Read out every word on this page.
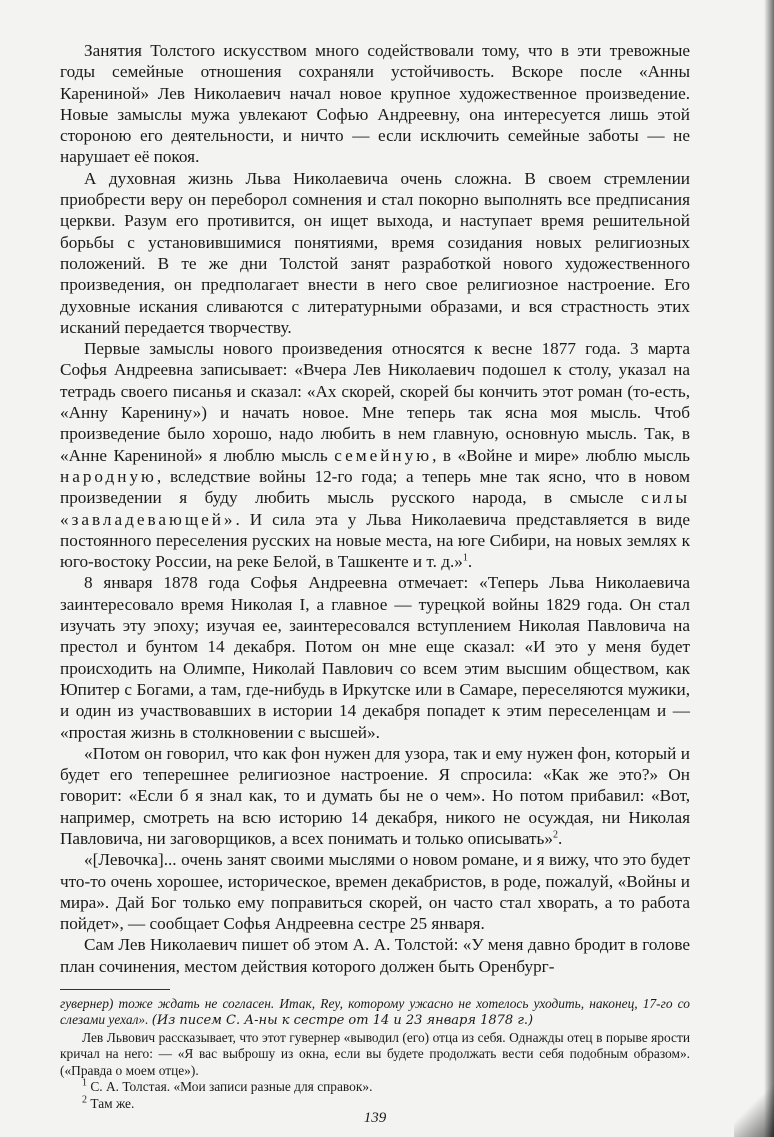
Занятия Толстого искусством много содействовали тому, что в эти тревожные годы семейные отношения сохраняли устойчивость. Вскоре после «Анны Карениной» Лев Николаевич начал новое крупное художественное произведение. Новые замыслы мужа увлекают Софью Андреевну, она интересуется лишь этой стороною его деятельности, и ничто — если исключить семейные заботы — не нарушает её покоя.

А духовная жизнь Льва Николаевича очень сложна. В своем стремлении приобрести веру он переборол сомнения и стал покорно выполнять все предписания церкви. Разум его противится, он ищет выхода, и наступает время решительной борьбы с установившимися понятиями, время созидания новых религиозных положений. В те же дни Толстой занят разработкой нового художественного произведения, он предполагает внести в него свое религиозное настроение. Его духовные искания сливаются с литературными образами, и вся страстность этих исканий передается творчеству.

Первые замыслы нового произведения относятся к весне 1877 года. 3 марта Софья Андреевна записывает: «Вчера Лев Николаевич подошел к столу, указал на тетрадь своего писанья и сказал: «Ах скорей, скорей бы кончить этот роман (то-есть, «Анну Каренину») и начать новое. Мне теперь так ясна моя мысль. Чтоб произведение было хорошо, надо любить в нем главную, основную мысль. Так, в «Анне Карениной» я люблю мысль семейную, в «Войне и мире» люблю мысль народную, вследствие войны 12-го года; а теперь мне так ясно, что в новом произведении я буду любить мысль русского народа, в смысле силы «завладевающей». И сила эта у Льва Николаевича представляется в виде постоянного переселения русских на новые места, на юге Сибири, на новых землях к юго-востоку России, на реке Белой, в Ташкенте и т. д.»$^1$.

8 января 1878 года Софья Андреевна отмечает: «Теперь Льва Николаевича заинтересовало время Николая I, а главное — турецкой войны 1829 года. Он стал изучать эту эпоху; изучая ее, заинтересовался вступлением Николая Павловича на престол и бунтом 14 декабря. Потом он мне еще сказал: «И это у меня будет происходить на Олимпе, Николай Павлович со всем этим высшим обществом, как Юпитер с Богами, а там, где-нибудь в Иркутске или в Самаре, переселяются мужики, и один из участвовавших в истории 14 декабря попадет к этим переселенцам и — «простая жизнь в столкновении с высшей».

«Потом он говорил, что как фон нужен для узора, так и ему нужен фон, который и будет его теперешнее религиозное настроение. Я спросила: «Как же это?» Он говорит: «Если б я знал как, то и думать бы не о чем». Но потом прибавил: «Вот, например, смотреть на всю историю 14 декабря, никого не осуждая, ни Николая Павловича, ни заговорщиков, а всех понимать и только описывать»$^2$.

«[Левочка]... очень занят своими мыслями о новом романе, и я вижу, что это будет что-то очень хорошее, историческое, времен декабристов, в роде, пожалуй, «Войны и мира». Дай Бог только ему поправиться скорей, он часто стал хворать, а то работа пойдет», — сообщает Софья Андреевна сестре 25 января.

Сам Лев Николаевич пишет об этом А. А. Толстой: «У меня давно бродит в голове план сочинения, местом действия которого должен быть Оренбург-

гувернер) тоже ждать не согласен. Итак, Rey, которому ужасно не хотелось уходить, наконец, 17-го со слезами уехал». (Из писем С. А-ны к сестре от 14 и 23 января 1878 г.)

Лев Львович рассказывает, что этот гувернер «выводил (его) отца из себя. Однажды отец в порыве ярости кричал на него: — «Я вас выброшу из окна, если вы будете продолжать вести себя подобным образом». («Правда о моем отце»).

$^1$ С. А. Толстая. «Мои записи разные для справок».

$^2$ Там же.

139
